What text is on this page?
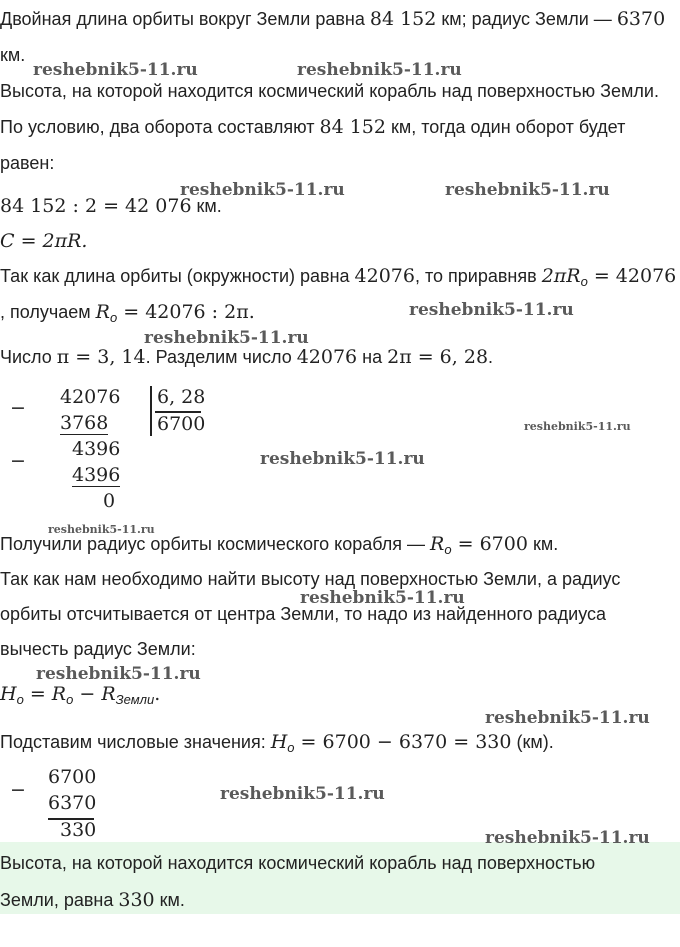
Двойная длина орбиты вокруг Земли равна 84 152 км; радиус Земли — 6370
км.
Высота, на которой находится космический корабль над поверхностью Земли.
По условию, два оборота составляют 84 152 км, тогда один оборот будет
равен:
84 152 : 2 = 42 076 км.
C = 2πR.
Так как длина орбиты (окружности) равна 42076, то приравняв $2\pi R_o = 42076$
, получаем $R_o = 42076$ : 2π.
Число π = 3, 14. Разделим число 42076 на 2π = 6, 28.
− 42076
3768
6, 28
6700
−
4396
4396
0
Получили радиус орбиты космического корабля — $R_o = 6700$ км.
Так как нам необходимо найти высоту над поверхностью Земли, а радиус
орбиты отсчитывается от центра Земли, то надо из найденного радиуса
вычесть радиус Земли:
$H_o = R_o - R_{Земли}$.
Подставим числовые значения: $H_o = 6700 - 6370 = 330$ (км).
−
6700
6370
330
Высота, на которой находится космический корабль над поверхностью
Земли, равна 330 км.
reshebnik5-11.ru	reshebnik5-11.ru
reshebnik5-11.ru	reshebnik5-11.ru
reshebnik5-11.ru
reshebnik5-11.ru
reshebnik5-11.ru
reshebnik5-11.ru
reshebnik5-11.ru
reshebnik5-11.ru
reshebnik5-11.ru
reshebnik5-11.ru
reshebnik5-11.ru
reshebnik5-11.ru
